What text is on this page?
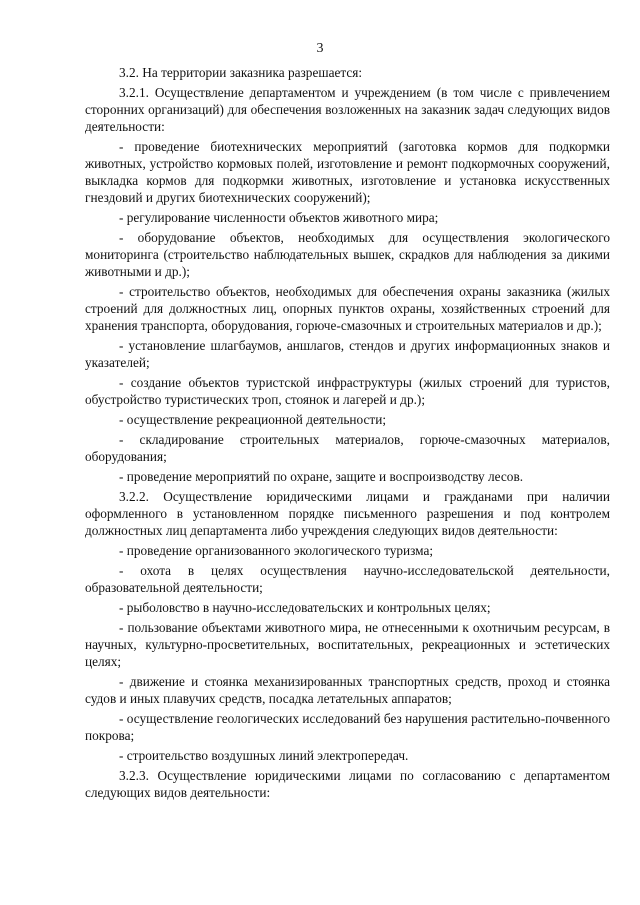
3

3.2. На территории заказника разрешается:

3.2.1. Осуществление департаментом и учреждением (в том числе с привлечением сторонних организаций) для обеспечения возложенных на заказник задач следующих видов деятельности:

- проведение биотехнических мероприятий (заготовка кормов для подкормки животных, устройство кормовых полей, изготовление и ремонт подкормочных сооружений, выкладка кормов для подкормки животных, изготовление и установка искусственных гнездовий и других биотехнических сооружений);

- регулирование численности объектов животного мира;

- оборудование объектов, необходимых для осуществления экологического мониторинга (строительство наблюдательных вышек, скрадков для наблюдения за дикими животными и др.);

- строительство объектов, необходимых для обеспечения охраны заказника (жилых строений для должностных лиц, опорных пунктов охраны, хозяйственных строений для хранения транспорта, оборудования, горюче-смазочных и строительных материалов и др.);

- установление шлагбаумов, аншлагов, стендов и других информационных знаков и указателей;

- создание объектов туристской инфраструктуры (жилых строений для туристов, обустройство туристических троп, стоянок и лагерей и др.);

- осуществление рекреационной деятельности;

- складирование строительных материалов, горюче-смазочных материалов, оборудования;

- проведение мероприятий по охране, защите и воспроизводству лесов.

3.2.2. Осуществление юридическими лицами и гражданами при наличии оформленного в установленном порядке письменного разрешения и под контролем должностных лиц департамента либо учреждения следующих видов деятельности:

- проведение организованного экологического туризма;

- охота в целях осуществления научно-исследовательской деятельности, образовательной деятельности;

- рыболовство в научно-исследовательских и контрольных целях;

- пользование объектами животного мира, не отнесенными к охотничьим ресурсам, в научных, культурно-просветительных, воспитательных, рекреационных и эстетических целях;

- движение и стоянка механизированных транспортных средств, проход и стоянка судов и иных плавучих средств, посадка летательных аппаратов;

- осуществление геологических исследований без нарушения растительно-почвенного покрова;

- строительство воздушных линий электропередач.

3.2.3. Осуществление юридическими лицами по согласованию с департаментом следующих видов деятельности:
